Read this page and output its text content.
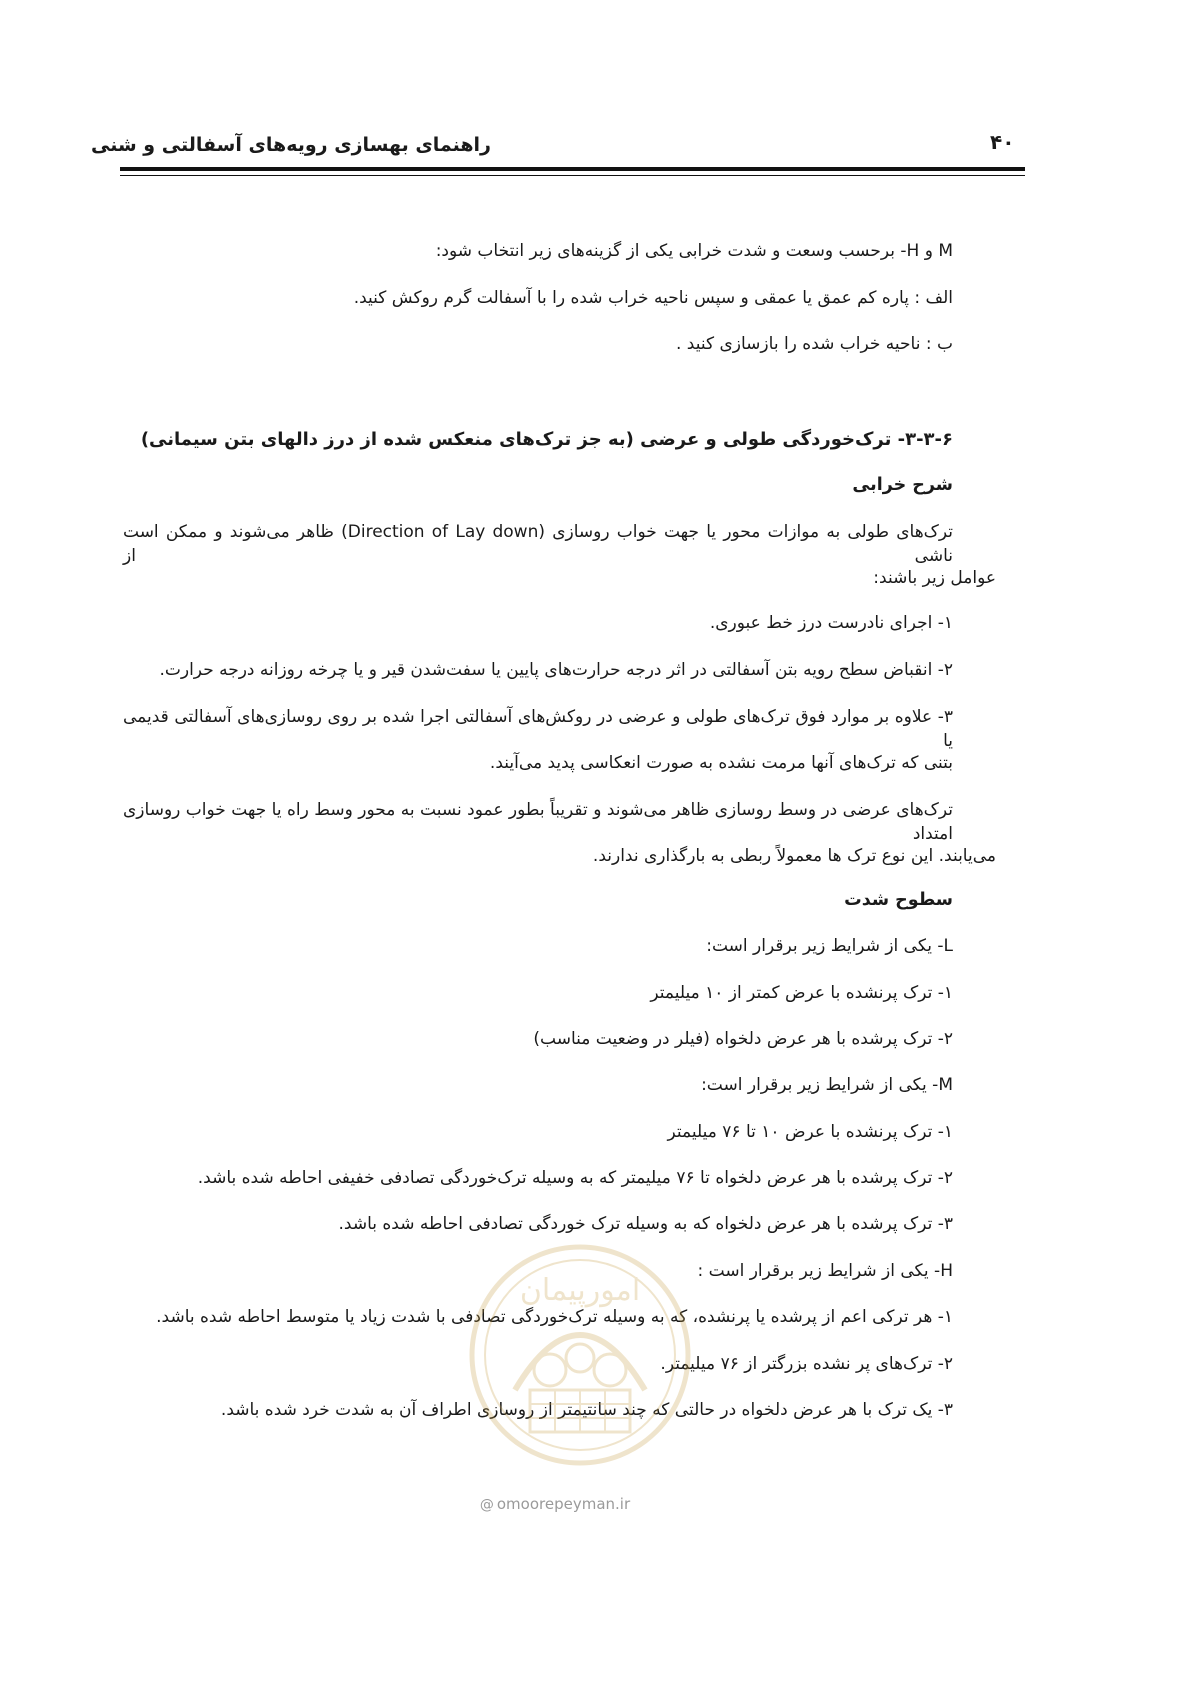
راهنمای بهسازی رویه‌های آسفالتی و شنی	۴۰
M و H- برحسب وسعت و شدت خرابی یکی از گزینه‌های زیر انتخاب شود:
الف : پاره کم عمق یا عمقی و سپس ناحیه خراب شده را با آسفالت گرم روکش کنید.
ب : ناحیه خراب شده را بازسازی کنید .
۳-۳-۶- ترک‌خوردگی طولی و عرضی (به جز ترک‌های منعکس شده از درز دالهای بتن سیمانی)
شرح خرابی
ترک‌های طولی به موازات محور یا جهت خواب روسازی (Direction of Lay down) ظاهر می‌شوند و ممکن است ناشی از
عوامل زیر باشند:
۱- اجرای نادرست درز خط عبوری.
۲- انقباض سطح رویه بتن آسفالتی در اثر درجه حرارت‌های پایین یا سفت‌شدن قیر و یا چرخه روزانه درجه حرارت.
۳- علاوه بر موارد فوق ترک‌های طولی و عرضی در روکش‌های آسفالتی اجرا شده بر روی روسازی‌های آسفالتی قدیمی یا
بتنی که ترک‌های آنها مرمت نشده به صورت انعکاسی پدید می‌آیند.
ترک‌های عرضی در وسط روسازی ظاهر می‌شوند و تقریباً بطور عمود نسبت به محور وسط راه یا جهت خواب روسازی امتداد
می‌یابند. این نوع ترک ها معمولاً ربطی به بارگذاری ندارند.
سطوح شدت
L- یکی از شرایط زیر برقرار است:
۱- ترک پرنشده با عرض کمتر از ۱۰ میلیمتر
۲- ترک پرشده با هر عرض دلخواه (فیلر در وضعیت مناسب)
M- یکی از شرایط زیر برقرار است:
۱- ترک پرنشده با عرض ۱۰ تا ۷۶ میلیمتر
۲- ترک پرشده با هر عرض دلخواه تا ۷۶ میلیمتر که به وسیله ترک‌خوردگی تصادفی خفیفی احاطه شده باشد.
۳- ترک پرشده با هر عرض دلخواه که به وسیله ترک خوردگی تصادفی احاطه شده باشد.
H- یکی از شرایط زیر برقرار است :
۱- هر ترکی اعم از پرشده یا پرنشده، که به وسیله ترک‌خوردگی تصادفی با شدت زیاد یا متوسط احاطه شده باشد.
۲- ترک‌های پر نشده بزرگتر از ۷۶ میلیمتر.
۳- یک ترک با هر عرض دلخواه در حالتی که چند سانتیمتر از روسازی اطراف آن به شدت خرد شده باشد.
امورپیمان
@ omoorepeyman.ir
